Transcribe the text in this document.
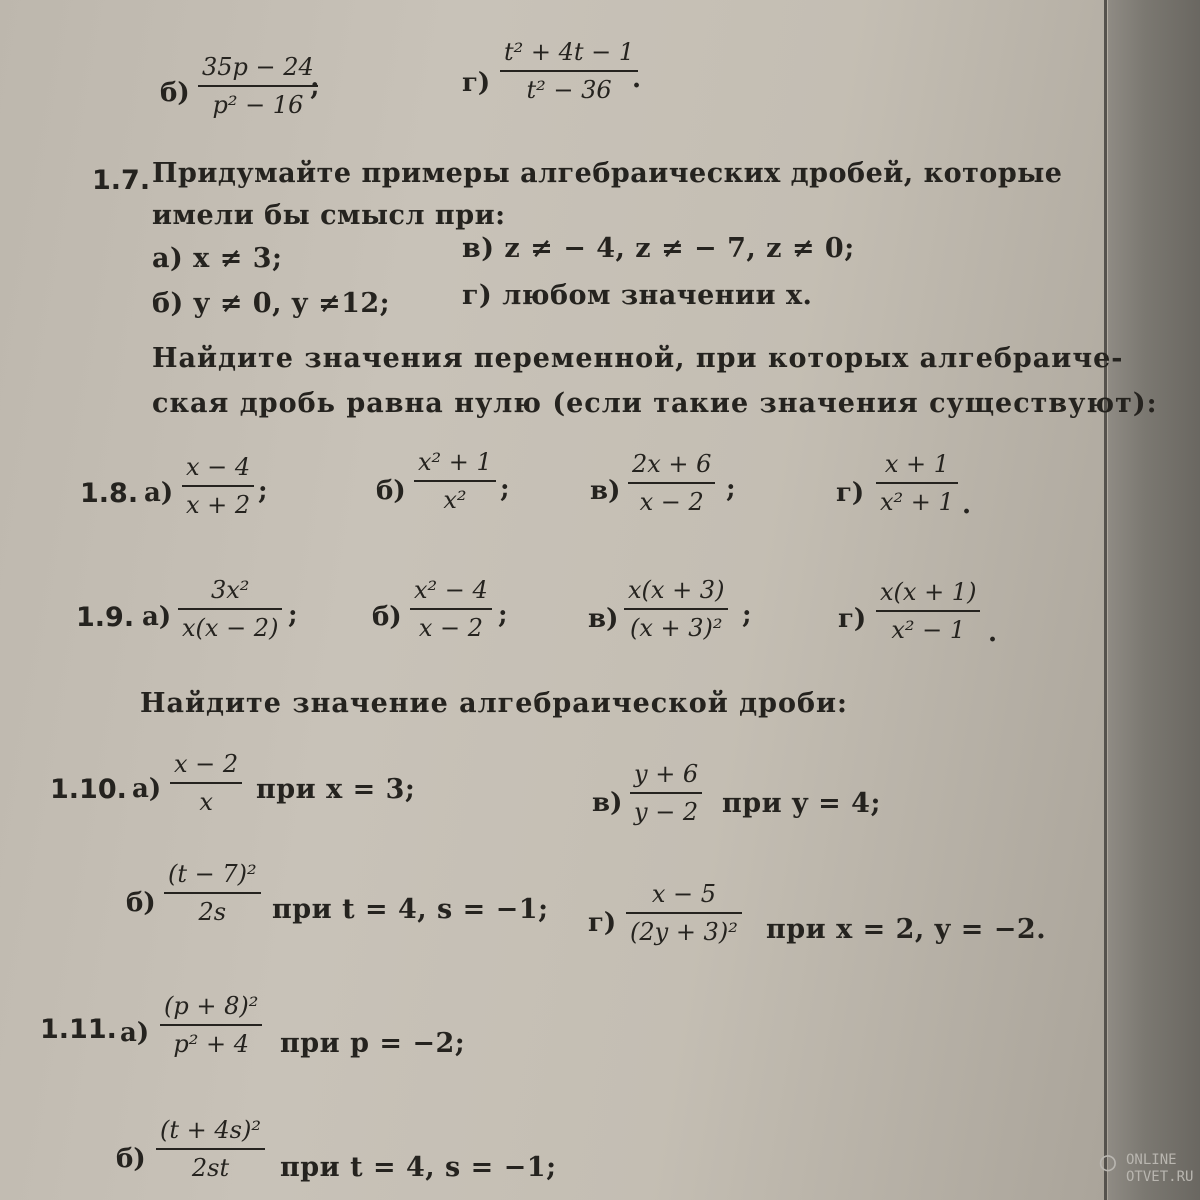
б)
35p − 24
p² − 16
;	г)
t² + 4t − 1
t² − 36 .
1.7. Придумайте примеры алгебраических дробей, которые
имели бы смысл при:
а) x ≠ 3;	в) z ≠ − 4, z ≠ − 7, z ≠ 0;
б) y ≠ 0, y ≠12;	г) любом значении x.
Найдите значения переменной, при которых алгебраиче-
ская дробь равна нулю (если такие значения существуют):
1.8. а)
x − 4
x + 2 ;	б)
x² + 1
x² ;	в)
2x + 6
x − 2 ;	г)
x + 1
x² + 1 .
1.9. а)
3x²
x(x − 2) ;	б)
x² − 4
x − 2 ;	в)
x(x + 3)
(x + 3)² ;	г)
x(x + 1)
x² − 1 .
Найдите значение алгебраической дроби:
1.10. а)
x − 2
x при x = 3;	в)
y + 6
y − 2 при y = 4;
б)
(t − 7)²
2s при t = 4, s = −1; г)
x − 5
(2y + 3)² при x = 2, y = −2.
1.11. а)
(p + 8)²
p² + 4 при p = −2;
б)
(t + 4s)²
2st при t = 4, s = −1;	◯ ONLINE
OTVET.RU
